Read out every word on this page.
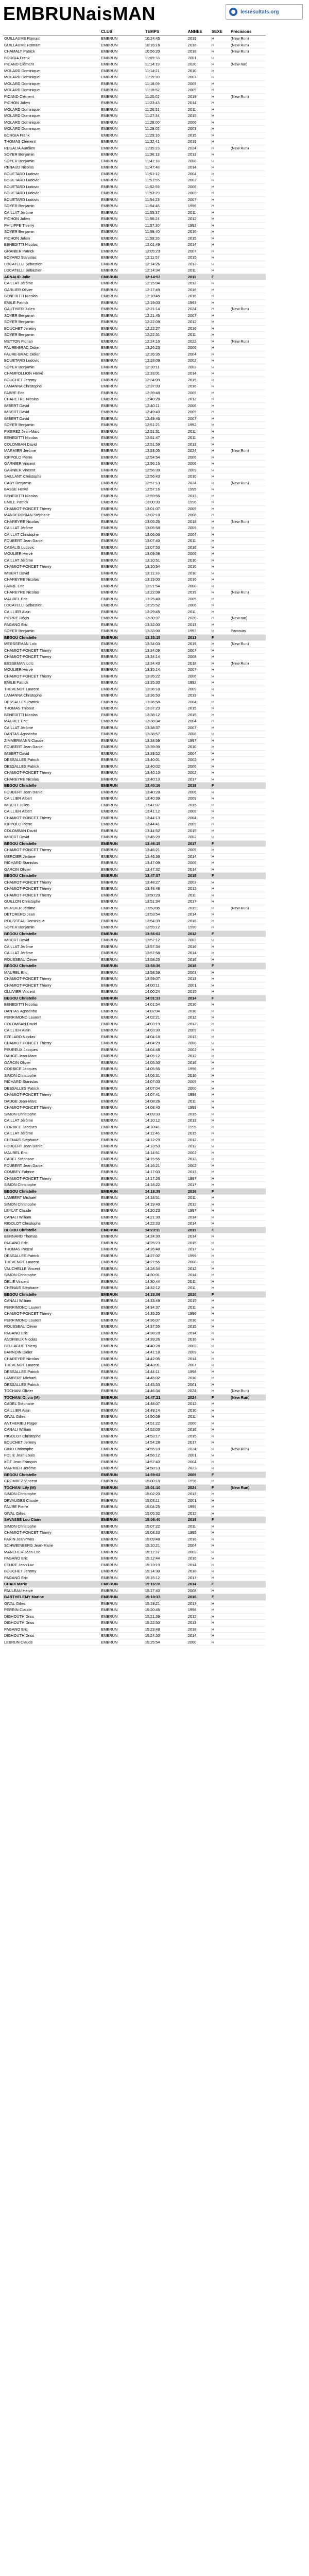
EMBRUNaisMAN	lesrésultats.org
	CLUB	TEMPS	ANNEE	SEXE	Précisions
GUILLAUME Romain	EMBRUN	10:24:45	2019	H	(New Run)
GUILLAUME Romain	EMBRUN	10:16:16	2018	H	(New Run)
CHAMALY Patrick	EMBRUN	10:56:20	2018	H	(New Run)
BORGIA Frank	EMBRUN	11:09:33	2001	H	
PICAND Clément	EMBRUN	11:14:19	2020	H	(New run)
MOLARD Dominique	EMBRUN	11:14:21	2010	H	
MOLARD Dominique	EMBRUN	11:15:30	2007	H	
MOLARD Dominique	EMBRUN	11:18:09	2009	H	
MOLARD Dominique	EMBRUN	11:18:52	2009	H	
PICAND Clément	EMBRUN	11:20:02	2019	H	(New Run)
PICHON Julien	EMBRUN	11:23:43	2014	H	
MOLARD Dominique	EMBRUN	11:26:51	2011	H	
MOLARD Dominique	EMBRUN	11:27:34	2015	H	
MOLARD Dominique	EMBRUN	11:28:00	2006	H	
MOLARD Dominique	EMBRUN	11:29:02	2003	H	
BORGIA Frank	EMBRUN	11:29:16	2015	H	
THOMAS Clément	EMBRUN	11:32:41	2019	H	
REGALIA Aurélien	EMBRUN	11:35:23	2024	H	(New Run)
SOYER Benjamin	EMBRUN	11:36:13	2013	H	
SOYER Benjamin	EMBRUN	11:41:18	2008	H	
RENAUD Nicolas	EMBRUN	11:47:48	2014	H	
BOUETARD Ludovic	EMBRUN	11:51:12	2004	H	
BOUETARD Ludovic	EMBRUN	11:51:55	2002	H	
BOUETARD Ludovic	EMBRUN	11:52:59	2006	H	
BOUETARD Ludovic	EMBRUN	11:53:29	2003	H	
BOUETARD Ludovic	EMBRUN	11:54:23	2007	H	
SOYER Benjamin	EMBRUN	11:54:46	1996	H	
CAILLAT Jérôme	EMBRUN	11:55:37	2011	H	
PICHON Julien	EMBRUN	11:56:24	2012	H	
PHILIPPE Thierry	EMBRUN	11:57:30	1992	H	
SOYER Benjamin	EMBRUN	11:59:40	2016	H	
PICHON Julien	EMBRUN	11:59:26	2015	H	
BENEDITTI Nicolas	EMBRUN	12:01:49	2014	H	
GRANIER Patrick	EMBRUN	12:05:23	2007	H	
BOYARD Stanislas	EMBRUN	12:11:57	2015	H	
LOCATELLI Sébastien	EMBRUN	12:14:26	2013	H	
LOCATELLI Sébastien	EMBRUN	12:14:34	2011	H	
ARNAUD Julie	EMBRUN	12:14:52	2011	F	
CAILLAT Jérôme	EMBRUN	12:15:04	2012	H	
GARLIER Olivier	EMBRUN	12:17:49	2016	H	
BENEDITTI Nicolas	EMBRUN	12:18:45	2016	H	
EMILE Patrick	EMBRUN	12:19:03	1993	H	
GAUTHIER Julien	EMBRUN	12:21:14	2024	H	(New Run)
SOYER Benjamin	EMBRUN	12:21:45	2007	H	
SOYER Benjamin	EMBRUN	12:22:09	2012	H	
BOUCHET Jeremy	EMBRUN	12:22:27	2016	H	
SOYER Benjamin	EMBRUN	12:22:31	2011	H	
METTON Florian	EMBRUN	12:24:16	2022	H	(New Run)
FAURE-BRAC Didier	EMBRUN	12:26:23	2006	H	
FAURE-BRAC Didier	EMBRUN	12:26:35	2004	H	
BOUETARD Ludovic	EMBRUN	12:28:09	2002	H	
SOYER Benjamin	EMBRUN	12:30:11	2003	H	
CHAMPOLLION Hervé	EMBRUN	12:33:01	2014	H	
BOUCHET Jeremy	EMBRUN	12:34:09	2015	H	
LAMANNA Christophe	EMBRUN	12:37:03	2016	H	
FABRE Eric	EMBRUN	12:39:48	2009	H	
CHARETRE Nicolas	EMBRUN	12:40:28	2012	H	
IMBERT David	EMBRUN	12:40:11	2006	H	
IMBERT David	EMBRUN	12:49:43	2009	H	
IMBERT David	EMBRUN	12:49:46	2007	H	
SOYER Benjamin	EMBRUN	12:51:21	1992	H	
PIKEREZ Jean-Marc	EMBRUN	12:51:31	2011	H	
BENEDITTI Nicolas	EMBRUN	12:51:47	2011	H	
COLOMBAN David	EMBRUN	12:51:59	2013	H	
MARMIER Jérôme	EMBRUN	12:53:05	2024	H	(New Run)
IOPPOLO Pierre	EMBRUN	12:54:54	2006	H	
GARNIER Vincent	EMBRUN	12:56:16	2006	H	
GARNIER Vincent	EMBRUN	12:56:39	2009	H	
SAILLANT Christophe	EMBRUN	12:56:43	2010	H	
CABY Benjamin	EMBRUN	12:57:13	2024	H	(New Run)
BASSE Hervé	EMBRUN	12:57:16	1995	H	
BENEDITTI Nicolas	EMBRUN	12:59:55	2013	H	
EMILE Patrick	EMBRUN	13:00:33	1996	H	
CHAMIOT-PONCET Thierry	EMBRUN	13:01:07	2009	H	
MANDEROSIAN Stéphane	EMBRUN	13:02:10	2008	H	
CHAREYRE Nicolas	EMBRUN	13:05:26	2018	H	(New Run)
CAILLAT Jérôme	EMBRUN	13:05:58	2009	H	
CAILLAT Christophe	EMBRUN	13:06:06	2004	H	
FOUBERT Jean Daniel	EMBRUN	13:07:40	2011	H	
CASALIS Ludovic	EMBRUN	13:07:53	2016	H	
MOULIER Hervé	EMBRUN	13:09:58	2006	H	
CAILLAT Jérôme	EMBRUN	13:10:51	2010	H	
CHAMIOT-PONCET Thierry	EMBRUN	13:10:54	2010	H	
IMBERT David	EMBRUN	13:11:33	2010	H	
CHAREYRE Nicolas	EMBRUN	13:19:00	2016	H	
FABRE Eric	EMBRUN	13:21:54	2008	H	
CHAREYRE Nicolas	EMBRUN	13:22:08	2019	H	(New Run)
MAUREL Eric	EMBRUN	13:25:40	2005	H	
LOCATELLI Sébastien	EMBRUN	13:25:52	2006	H	
CAILLIER Alain	EMBRUN	13:29:45	2011	H	
PIERRE Régis	EMBRUN	13:30:37	2020	H	(New run)
PAGANO Eric	EMBRUN	13:32:00	2013	H	
SOYER Benjamin	EMBRUN	13:33:00	1993	H	Parcours
BEGOU Christelle	EMBRUN	13:33:15	2013	F	
MERSSEMAN Loïc	EMBRUN	13:34:03	2019	H	(New Run)
CHAMIOT-PONCET Thierry	EMBRUN	13:34:09	2007	H	
CHAMIOT-PONCET Thierry	EMBRUN	13:34:14	2008	H	
BESSEMAN Loïc	EMBRUN	13:34:43	2018	H	(New Run)
MOULIER Hervé	EMBRUN	13:35:14	2007	H	
CHAMIOT-PONCET Thierry	EMBRUN	13:35:22	2006	H	
EMILE Patrick	EMBRUN	13:35:30	1992	H	
THEVENOT Laurent	EMBRUN	13:36:18	2009	H	
LAMANNA Christophe	EMBRUN	13:36:53	2013	H	
DESSALLES Patrick	EMBRUN	13:36:58	2004	H	
THOMAS Thibaut	EMBRUN	13:37:23	2015	H	
BENEDITTI Nicolas	EMBRUN	13:38:12	2015	H	
MAUREL Eric	EMBRUN	13:38:34	2004	H	
CAILLAT Jérôme	EMBRUN	13:38:37	2007	H	
DANTAS Agostinho	EMBRUN	13:38:57	2008	H	
ZIMMERMANN Claude	EMBRUN	13:38:59	1997	H	
FOUBERT Jean Daniel	EMBRUN	13:39:39	2010	H	
IMBERT David	EMBRUN	13:39:52	2004	H	
DESSALLES Patrick	EMBRUN	13:40:01	2002	H	
DESSALLES Patrick	EMBRUN	13:40:02	2006	H	
CHAMIOT-PONCET Thierry	EMBRUN	13:40:10	2002	H	
CHAREYRE Nicolas	EMBRUN	13:40:13	2017	H	
BEGOU Christelle	EMBRUN	13:40:16	2019	F	
FOUBERT Jean Daniel	EMBRUN	13:40:28	2006	H	
CAILLIER Albert	EMBRUN	13:40:39	2009	H	
IMBERT Julien	EMBRUN	13:41:07	2015	H	
CAILLIER Albert	EMBRUN	13:41:12	2008	H	
CHAMIOT-PONCET Thierry	EMBRUN	13:44:13	2004	H	
IOPPOLO Pierre	EMBRUN	13:44:41	2009	H	
COLOMBAN David	EMBRUN	13:44:52	2015	H	
IMBERT David	EMBRUN	13:45:20	2002	H	
BEGOU Christelle	EMBRUN	13:46:15	2017	F	
CHAMIOT-PONCET Thierry	EMBRUN	13:46:21	2005	H	
MERCIER Jérôme	EMBRUN	13:46:36	2014	H	
RICHARD Stanislas	EMBRUN	13:47:09	2006	H	
GARCIN Olivier	EMBRUN	13:47:32	2014	H	
BEGOU Christelle	EMBRUN	13:47:57	2015	F	
CHAMIOT-PONCET Thierry	EMBRUN	13:48:27	2003	H	
CHAMIOT-PONCET Thierry	EMBRUN	13:48:48	2012	H	
CHAMIOT-PONCET Thierry	EMBRUN	13:50:29	2011	H	
GUILLON Christophe	EMBRUN	13:51:34	2017	H	
MERCIER Jérôme	EMBRUN	13:53:05	2019	H	(New Run)
DETORERO Jean	EMBRUN	13:53:54	2014	H	
ROUSSEAU Dominique	EMBRUN	13:54:39	2016	H	
SOYER Benjamin	EMBRUN	13:55:12	1990	H	
BEGOU Christelle	EMBRUN	13:56:02	2012	F	
IMBERT David	EMBRUN	13:57:12	2003	H	
CAILLAT Jérôme	EMBRUN	13:57:34	2016	H	
CAILLAT Jérôme	EMBRUN	13:57:58	2014	H	
ROUSSEAU Olivier	EMBRUN	13:58:25	2016	H	
BEGOU Christelle	EMBRUN	13:58:36	2018	F	
MAUREL Eric	EMBRUN	13:58:59	2003	H	
CHAMIOT-PONCET Thierry	EMBRUN	13:59:07	2013	H	
CHAMIOT-PONCET Thierry	EMBRUN	14:00:11	2001	H	
OLLIVIER Vincent	EMBRUN	14:00:24	2015	H	
BEGOU Christelle	EMBRUN	14:01:33	2014	F	
BENEDITTI Nicolas	EMBRUN	14:01:54	2010	H	
DANTAS Agostinho	EMBRUN	14:02:04	2010	H	
PERRIMOND Laurent	EMBRUN	14:02:21	2012	H	
COLOMBAN David	EMBRUN	14:03:19	2012	H	
CAILLIER Alain	EMBRUN	14:03:30	2009	H	
EZELARD Nicolas	EMBRUN	14:04:18	2013	H	
CHAMIOT-PONCET Thierry	EMBRUN	14:04:29	2000	H	
PEUREUX Jacques	EMBRUN	14:04:48	2002	H	
DAUGE Jean-Marc	EMBRUN	14:05:12	2012	H	
GARCIN Olivier	EMBRUN	14:05:30	2016	H	
CORBICE Jacques	EMBRUN	14:05:55	1996	H	
SIMON Christophe	EMBRUN	14:06:31	2016	H	
RICHARD Stanislas	EMBRUN	14:07:03	2009	H	
DESSALLES Patrick	EMBRUN	14:07:04	2000	H	
CHAMIOT-PONCET Thierry	EMBRUN	14:07:41	1998	H	
DAUGE Jean-Marc	EMBRUN	14:08:26	2011	H	
CHAMIOT-PONCET Thierry	EMBRUN	14:08:40	1999	H	
SIMON Christophe	EMBRUN	14:09:33	2015	H	
CAILLAT Jérôme	EMBRUN	14:10:12	2013	H	
CORBICE Jacques	EMBRUN	14:10:41	1995	H	
CAILLAT Jérôme	EMBRUN	14:11:46	2015	H	
CHENAIS Stéphane	EMBRUN	14:12:29	2012	H	
FOUBERT Jean Daniel	EMBRUN	14:13:53	2012	H	
MAUREL Eric	EMBRUN	14:14:51	2002	H	
CADEL Stéphane	EMBRUN	14:15:55	2013	H	
FOUBERT Jean Daniel	EMBRUN	14:16:21	2002	H	
COMBEY Fabrice	EMBRUN	14:17:03	2013	H	
CHAMIOT-PONCET Thierry	EMBRUN	14:17:26	1997	H	
SIMON Christophe	EMBRUN	14:18:22	2017	H	
BEGOU Christelle	EMBRUN	14:18:39	2016	F	
LAMBERT Michaël	EMBRUN	14:18:51	2011	H	
SIMON Christophe	EMBRUN	14:19:40	2012	H	
LEYLAT Claude	EMBRUN	14:20:23	1997	H	
CANALI William	EMBRUN	14:21:30	2014	H	
RIGOLOT Christophe	EMBRUN	14:22:33	2014	H	
BEGOU Christelle	EMBRUN	14:23:11	2011	F	
BERNARD Thomas	EMBRUN	14:24:30	2014	H	
PAGANO Eric	EMBRUN	14:25:23	2015	H	
THOMAS Pascal	EMBRUN	14:26:48	2017	H	
DESSALLES Patrick	EMBRUN	14:27:02	1999	H	
THEVENOT Laurent	EMBRUN	14:27:55	2008	H	
VAUCHELLE Vincent	EMBRUN	14:28:34	2012	H	
SIMON Christophe	EMBRUN	14:30:01	2014	H	
DELIE Vincent	EMBRUN	14:30:44	2011	H	
CHENAIS Stéphane	EMBRUN	14:32:12	2011	H	
BEGOU Christelle	EMBRUN	14:33:06	2010	F	
CANALI William	EMBRUN	14:33:49	2015	H	
PERRIMOND Laurent	EMBRUN	14:34:37	2011	H	
CHAMIOT-PONCET Thierry	EMBRUN	14:35:20	1996	H	
PERRIMOND Laurent	EMBRUN	14:36:07	2010	H	
ROUSSEAU Olivier	EMBRUN	14:37:55	2015	H	
PAGANO Eric	EMBRUN	14:38:28	2014	H	
ANDRIEUX Nicolas	EMBRUN	14:39:26	2016	H	
BELLAGUE Thierry	EMBRUN	14:40:28	2003	H	
BARNOIN Didier	EMBRUN	14:41:18	2009	H	
CHAREYRE Nicolas	EMBRUN	14:42:05	2014	H	
THEVENOT Laurent	EMBRUN	14:43:01	2007	H	
DESSALLES Patrick	EMBRUN	14:44:11	1998	H	
LAMBERT Michaël	EMBRUN	14:45:02	2010	H	
DESSALLES Patrick	EMBRUN	14:45:53	2001	H	
TOCHANI Olivier	EMBRUN	14:46:34	2024	H	(New Run)
TOCHANI Olivia (M)	EMBRUN	14:47:21	2024	F	(New Run)
CADEL Stéphane	EMBRUN	14:48:07	2012	H	
CAILLIER Alain	EMBRUN	14:49:14	2010	H	
GIVAL Gilles	EMBRUN	14:50:08	2011	H	
ANTHERIEU Roger	EMBRUN	14:51:22	2000	H	
CANALI William	EMBRUN	14:52:03	2016	H	
RIGOLOT Christophe	EMBRUN	14:53:17	2015	H	
BOUCHET Jeremy	EMBRUN	14:54:28	2017	H	
GINO Christophe	EMBRUN	14:55:10	2024	H	(New Run)
FOLIE Jean-Louis	EMBRUN	14:56:12	2001	H	
KOT Jean-François	EMBRUN	14:57:40	2004	H	
MARMIER Jérôme	EMBRUN	14:58:13	2023	H	
BEGOU Christelle	EMBRUN	14:59:02	2009	F	
CROMBEZ Vincent	EMBRUN	15:00:18	1996	H	
TOCHANI Lily (M)	EMBRUN	15:01:10	2024	F	(New Run)
SIMON Christophe	EMBRUN	15:02:20	2013	H	
DEVAUGES Claude	EMBRUN	15:03:11	2001	H	
FAURE Pierre	EMBRUN	15:04:25	1999	H	
GIVAL Gilles	EMBRUN	15:05:32	2012	H	
SAVASSE Lou Claire	EMBRUN	15:06:40	2019	F	
SIMON Christophe	EMBRUN	15:07:22	2011	H	
CHAMIOT-PONCET Thierry	EMBRUN	15:08:33	1995	H	
FARIN Jean-Yves	EMBRUN	15:09:48	2016	H	
SCHWEINBERG Jean-Marie	EMBRUN	15:10:21	2004	H	
MARCHER Jean-Luc	EMBRUN	15:11:37	2003	H	
PAGANO Eric	EMBRUN	15:12:44	2016	H	
FELIRE Jean-Luc	EMBRUN	15:13:19	2014	H	
BOUCHET Jeremy	EMBRUN	15:14:30	2018	H	
PAGANO Eric	EMBRUN	15:15:12	2017	H	
CHAIX Marie	EMBRUN	15:16:28	2014	F	
PAULEAU Hervé	EMBRUN	15:17:40	2008	H	
BARTHELEMY Marine	EMBRUN	15:18:33	2016	F	
GIVAL Gilles	EMBRUN	15:19:21	2013	H	
PERRIN Claude	EMBRUN	15:20:45	1998	H	
DIGHOUTH Driss	EMBRUN	15:21:36	2012	H	
DIGHOUTH Driss	EMBRUN	15:22:50	2013	H	
PAGANO Eric	EMBRUN	15:23:48	2018	H	
DIGHOUTH Driss	EMBRUN	15:24:30	2014	H	
LEBRUN Claude	EMBRUN	15:25:54	2000	H	
